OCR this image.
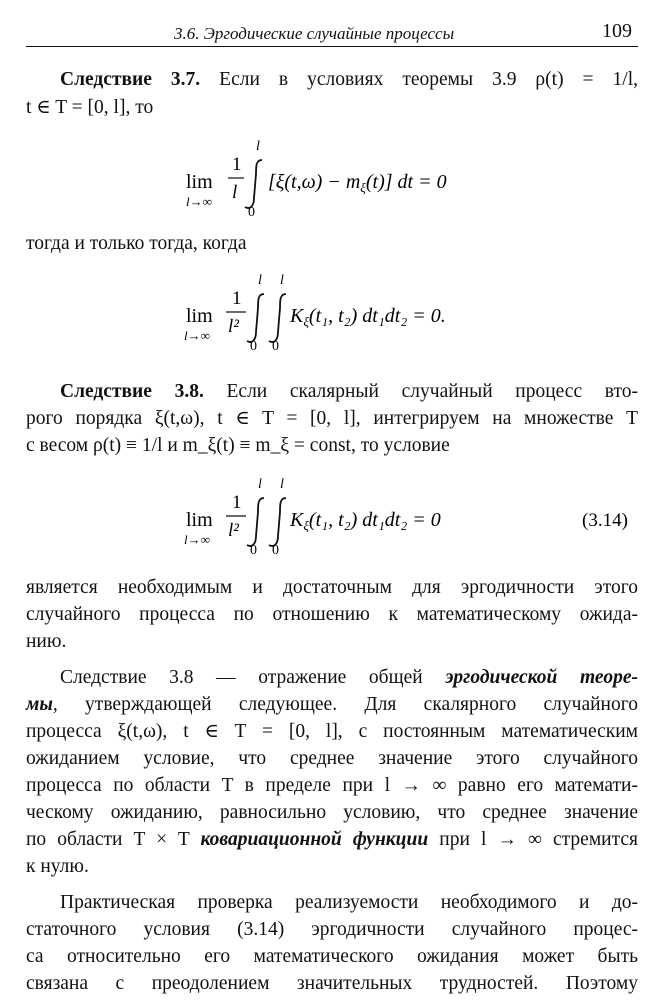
3.6. Эргодические случайные процессы	109
Следствие 3.7. Если в условиях теоремы 3.9 ρ(t) = 1/l,
t ∈ T = [0, l], то
lim
l→∞
1
l
l
0
$[\xi(t,\omega) - m_\xi(t)]$ dt = 0
тогда и только тогда, когда
lim
l→∞
1
l²
l
0
l
0
$K_\xi(t_1$, t₂) dt₁dt₂ = 0.
Следствие 3.8. Если скалярный случайный процесс вто-
рого порядка ξ(t,ω), t ∈ T = [0, l], интегрируем на множестве T
с весом ρ(t) ≡ 1/l и m_ξ(t) ≡ m_ξ = const, то условие
lim
l→∞
1
l²
l
0
l
0
$K_\xi(t_1$, t₂) dt₁dt₂ = 0	(3.14)
является необходимым и достаточным для эргодичности этого
случайного процесса по отношению к математическому ожида-
нию.
Следствие 3.8 — отражение общей эргодической теоре-
мы, утверждающей следующее. Для скалярного случайного
процесса ξ(t,ω), t ∈ T = [0, l], с постоянным математическим
ожиданием условие, что среднее значение этого случайного
процесса по области T в пределе при l → ∞ равно его математи-
ческому ожиданию, равносильно условию, что среднее значение
по области T × T ковариационной функции при l → ∞ стремится
к нулю.
Практическая проверка реализуемости необходимого и до-
статочного условия (3.14) эргодичности случайного процес-
са относительно его математического ожидания может быть
связана с преодолением значительных трудностей. Поэтому
